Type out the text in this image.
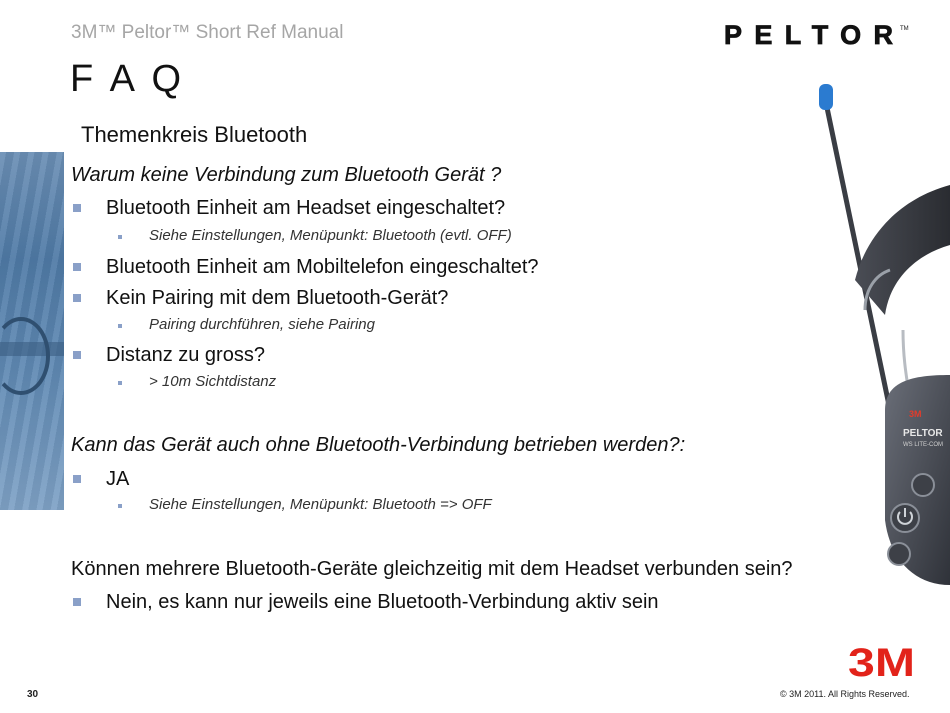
3M™ Peltor™ Short Ref Manual
F A Q
Themenkreis Bluetooth
PELTOR TM
Warum keine Verbindung zum Bluetooth Gerät ?
Bluetooth Einheit am Headset eingeschaltet?
Siehe Einstellungen, Menüpunkt: Bluetooth (evtl. OFF)
Bluetooth Einheit am Mobiltelefon eingeschaltet?
Kein Pairing mit dem Bluetooth-Gerät?
Pairing durchführen, siehe Pairing
Distanz zu gross?
> 10m Sichtdistanz
Kann das Gerät auch ohne Bluetooth-Verbindung betrieben werden?:
JA
Siehe Einstellungen, Menüpunkt: Bluetooth => OFF
Können mehrere Bluetooth-Geräte gleichzeitig mit dem Headset verbunden sein?
Nein, es kann nur jeweils eine Bluetooth-Verbindung aktiv sein
3M
PELTOR
WS LITE-COM
3M
30	© 3M 2011. All Rights Reserved.
